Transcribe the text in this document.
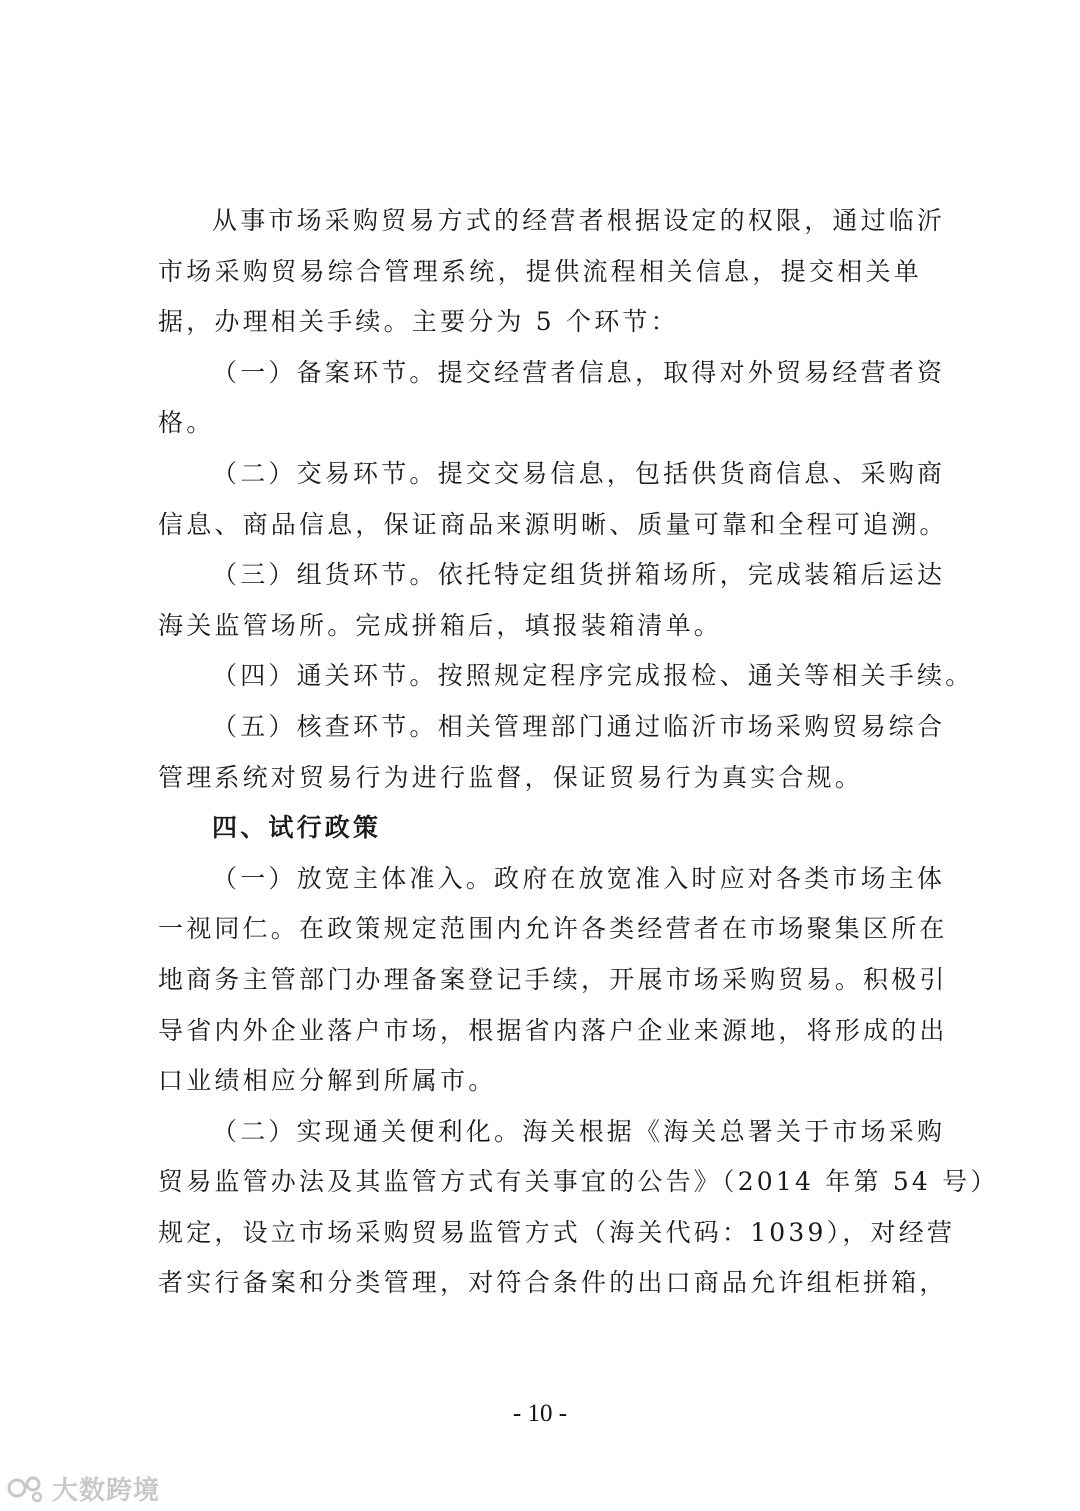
从事市场采购贸易方式的经营者根据设定的权限，通过临沂
市场采购贸易综合管理系统，提供流程相关信息，提交相关单
据，办理相关手续。主要分为 5 个环节：
（一）备案环节。提交经营者信息，取得对外贸易经营者资
格。
（二）交易环节。提交交易信息，包括供货商信息、采购商
信息、商品信息，保证商品来源明晰、质量可靠和全程可追溯。
（三）组货环节。依托特定组货拼箱场所，完成装箱后运达
海关监管场所。完成拼箱后，填报装箱清单。
（四）通关环节。按照规定程序完成报检、通关等相关手续。
（五）核查环节。相关管理部门通过临沂市场采购贸易综合
管理系统对贸易行为进行监督，保证贸易行为真实合规。
四、试行政策
（一）放宽主体准入。政府在放宽准入时应对各类市场主体
一视同仁。在政策规定范围内允许各类经营者在市场聚集区所在
地商务主管部门办理备案登记手续，开展市场采购贸易。积极引
导省内外企业落户市场，根据省内落户企业来源地，将形成的出
口业绩相应分解到所属市。
（二）实现通关便利化。海关根据《海关总署关于市场采购
贸易监管办法及其监管方式有关事宜的公告》（2014 年第 54 号）
规定，设立市场采购贸易监管方式（海关代码：1039），对经营
者实行备案和分类管理，对符合条件的出口商品允许组柜拼箱，
- 10 -
大数跨境
